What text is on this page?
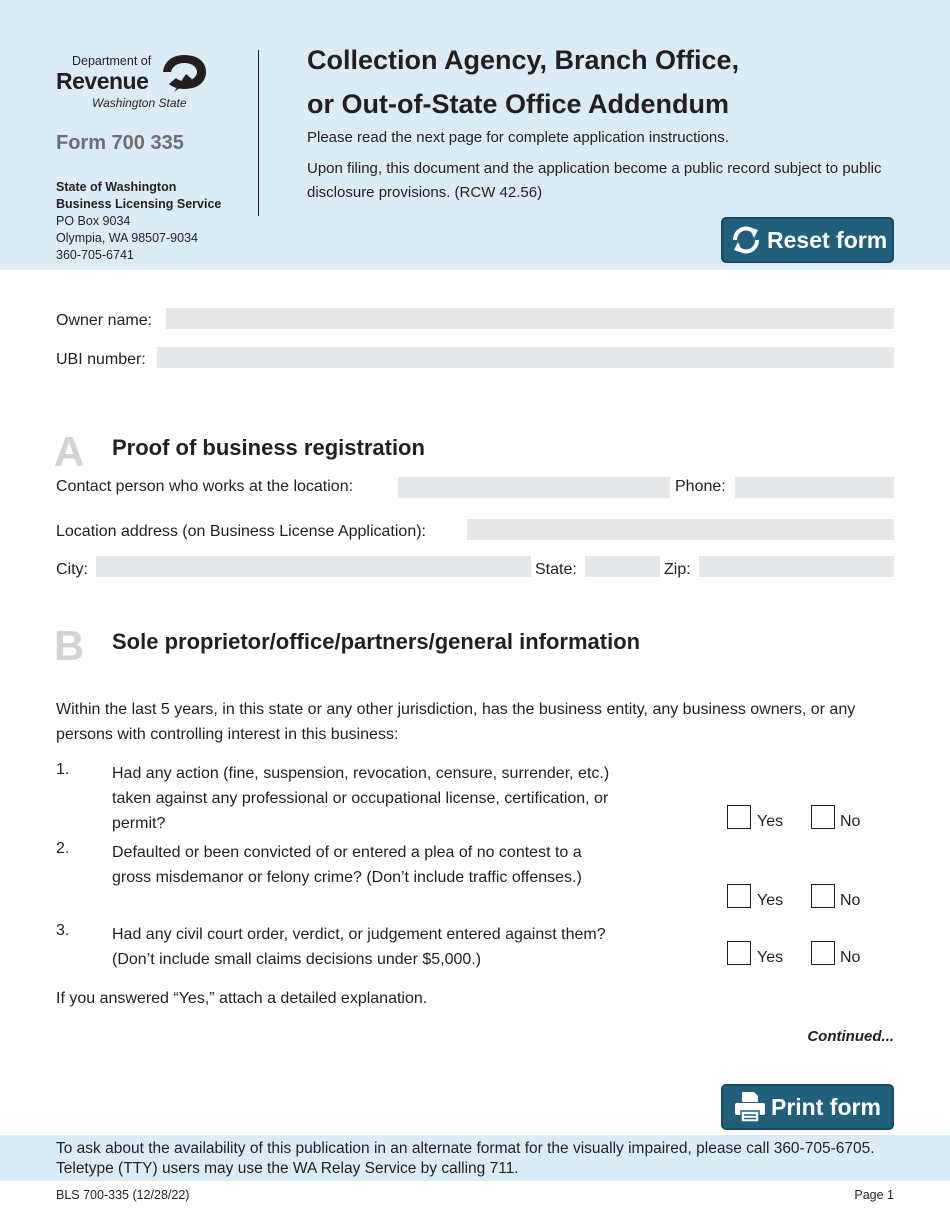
Department of
Revenue
Washington State
Form 700 335
State of Washington
Business Licensing Service
PO Box 9034
Olympia, WA 98507-9034
360-705-6741
Collection Agency, Branch Office,
or Out-of-State Office Addendum

Please read the next page for complete application instructions.

Upon filing, this document and the application become a public record subject to public disclosure provisions. (RCW 42.56)

Reset form
Owner name:
UBI number:
A Proof of business registration
Contact person who works at the location:	Phone:
Location address (on Business License Application):
City:	State:	Zip:
B Sole proprietor/office/partners/general information
Within the last 5 years, in this state or any other jurisdiction, has the business entity, any business owners, or any persons with controlling interest in this business:
1.	Had any action (fine, suspension, revocation, censure, surrender, etc.) taken against any professional or occupational license, certification, or permit?	Yes	No
2.	Defaulted or been convicted of or entered a plea of no contest to a gross misdemanor or felony crime? (Don’t include traffic offenses.)
Yes	No
3.	Had any civil court order, verdict, or judgement entered against them? (Don’t include small claims decisions under $5,000.)	Yes	No
If you answered “Yes,” attach a detailed explanation.
Continued...
Print form
To ask about the availability of this publication in an alternate format for the visually impaired, please call 360-705-6705. Teletype (TTY) users may use the WA Relay Service by calling 711.
BLS 700-335 (12/28/22)	Page 1
